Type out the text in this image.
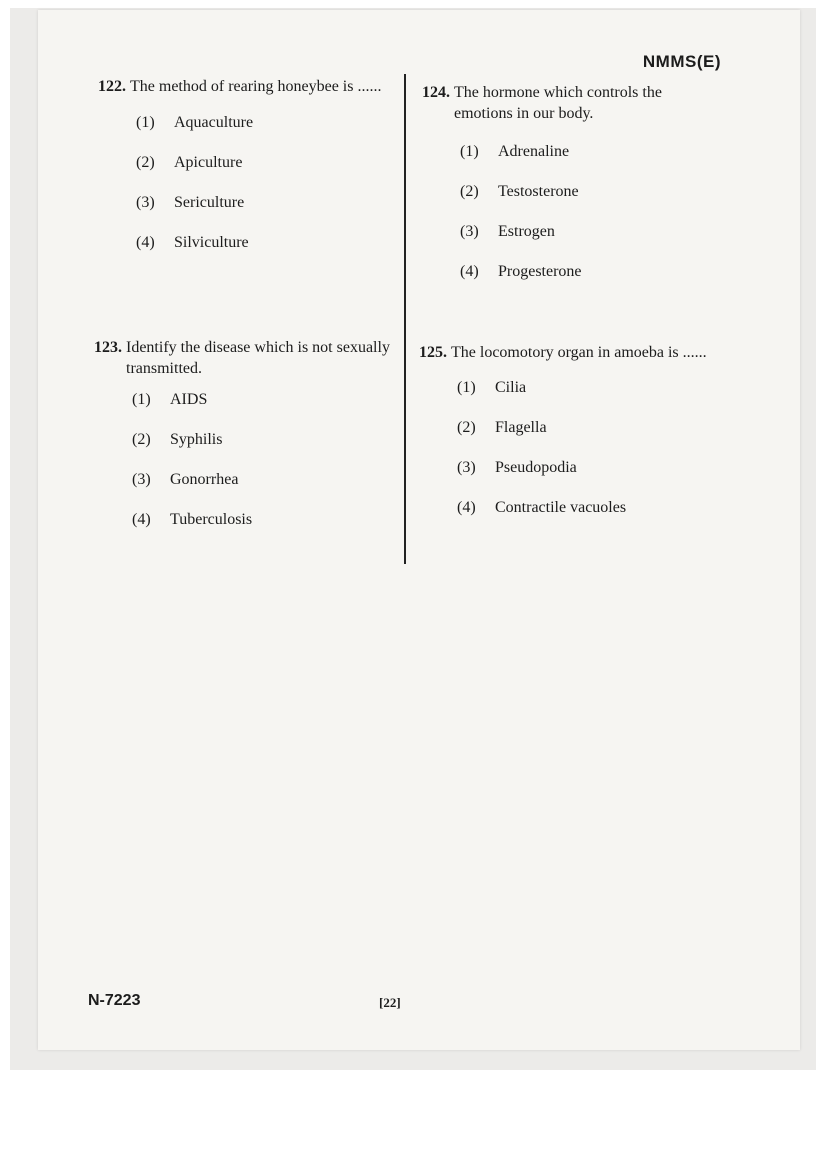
NMMS(E)
122. The method of rearing honeybee is ......
(1)	Aquaculture
(2)	Apiculture
(3)	Sericulture
(4)	Silviculture
123. Identify the disease which is not sexually transmitted.
(1)	AIDS
(2)	Syphilis
(3)	Gonorrhea
(4)	Tuberculosis
124. The hormone which controls the emotions in our body.
(1)	Adrenaline
(2)	Testosterone
(3)	Estrogen
(4)	Progesterone
125. The locomotory organ in amoeba is ......
(1)	Cilia
(2)	Flagella
(3)	Pseudopodia
(4)	Contractile vacuoles
N-7223	[22]
